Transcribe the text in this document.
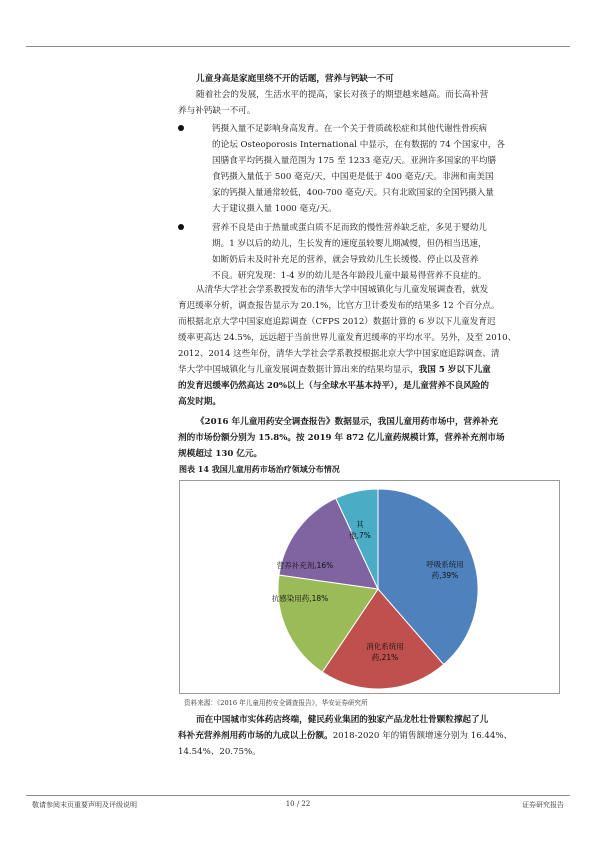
儿童身高是家庭里绕不开的话题，营养与钙缺一不可
随着社会的发展，生活水平的提高，家长对孩子的期望越来越高。而长高补营
养与补钙缺一不可。
钙摄入量不足影响身高发育。在一个关于骨质疏松症和其他代谢性骨疾病
的论坛 Osteoporosis International 中显示，在有数据的 74 个国家中，各
国膳食平均钙摄入量范围为 175 至 1233 毫克/天。亚洲许多国家的平均膳
食钙摄入量低于 500 毫克/天，中国更是低于 400 毫克/天。非洲和南美国
家的钙摄入量通常较低，400-700 毫克/天。只有北欧国家的全国钙摄入量
大于建议摄入量 1000 毫克/天。
营养不良是由于热量或蛋白质不足而致的慢性营养缺乏症，多见于婴幼儿
期。1 岁以后的幼儿，生长发育的速度虽较婴儿期减慢，但仍相当迅速，
如断奶后未及时补充足的营养，就会导致幼儿生长缓慢、停止以及营养
不良。研究发现：1-4 岁的幼儿是各年龄段儿童中最易得营养不良症的。
从清华大学社会学系教授发布的清华大学中国城镇化与儿童发展调查看，就发
育迟缓率分析，调查报告显示为 20.1%，比官方卫计委发布的结果多 12 个百分点。
而根据北京大学中国家庭追踪调查（CFPS 2012）数据计算的 6 岁以下儿童发育迟
缓率更高达 24.5%，远远超于当前世界儿童发育迟缓率的平均水平。另外，及至 2010、
2012、2014 这些年份，清华大学社会学系教授根据北京大学中国家庭追踪调查、清
华大学中国城镇化与儿童发展调查数据计算出来的结果均显示，我国 5 岁以下儿童
的发育迟缓率仍然高达 20%以上（与全球水平基本持平），是儿童营养不良风险的
高发时期。
《2016 年儿童用药安全调查报告》数据显示，我国儿童用药市场中，营养补充
剂的市场份额分别为 15.8%。按 2019 年 872 亿儿童药规模计算，营养补充剂市场
规模超过 130 亿元。
图表 14 我国儿童用药市场治疗领域分布情况
呼吸系统用药,39%
消化系统用药,21%
抗感染用药,18%
营养补充剂,16%
其他,7%
资料来源：《2016 年儿童用药安全调查报告》，华安证券研究所
而在中国城市实体药店终端，健民药业集团的独家产品龙牡壮骨颗粒撑起了儿
科补充营养剂用药市场的九成以上份额。2018-2020 年的销售额增速分别为 16.44%、
14.54%、20.75%。
敬请参阅末页重要声明及评级说明	10 / 22	证券研究报告
